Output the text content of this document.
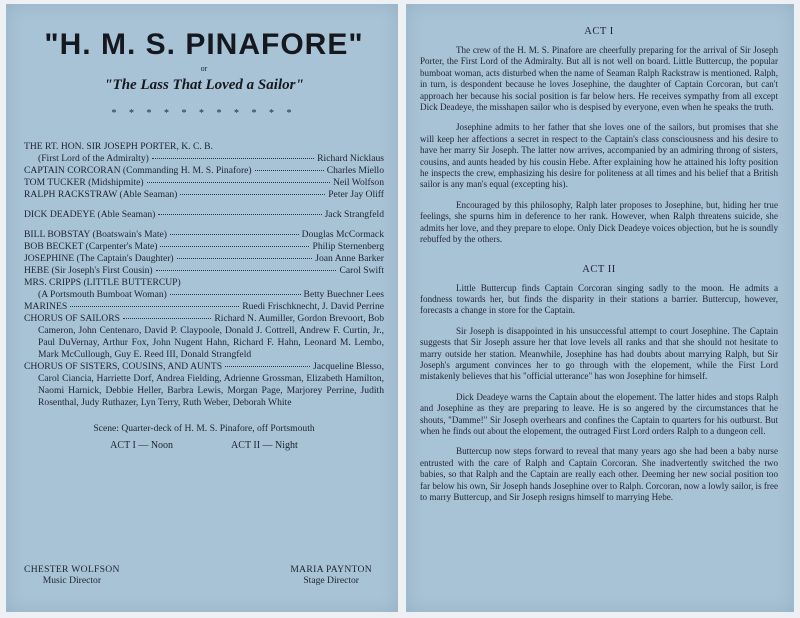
"H. M. S. PINAFORE"
or
"The Lass That Loved a Sailor"
* * * * * * * * * * *
THE RT. HON. SIR JOSEPH PORTER, K. C. B.
(First Lord of the Admiralty)	Richard Nicklaus
CAPTAIN CORCORAN (Commanding H. M. S. Pinafore)	Charles Miello
TOM TUCKER (Midshipmite)	Neil Wolfson
RALPH RACKSTRAW (Able Seaman)	Peter Jay Oliff
DICK DEADEYE (Able Seaman)	Jack Strangfeld
BILL BOBSTAY (Boatswain's Mate)	Douglas McCormack
BOB BECKET (Carpenter's Mate)	Philip Sternenberg
JOSEPHINE (The Captain's Daughter)	Joan Anne Barker
HEBE (Sir Joseph's First Cousin)	Carol Swift
MRS. CRIPPS (LITTLE BUTTERCUP)
(A Portsmouth Bumboat Woman)	Betty Buechner Lees
MARINES	Ruedi Frischknecht, J. David Perrine
CHORUS OF SAILORS	Richard N. Aumiller, Gordon Brevoort, Bob
Cameron, John Centenaro, David P. Claypoole, Donald J. Cottrell, Andrew F. Curtin, Jr., Paul DuVernay, Arthur Fox, John Nugent Hahn, Richard F. Hahn, Leonard M. Lembo, Mark McCullough, Guy E. Reed III, Donald Strangfeld
CHORUS OF SISTERS, COUSINS, AND AUNTS	Jacqueline Blesso,
Carol Ciancia, Harriette Dorf, Andrea Fielding, Adrienne Grossman, Elizabeth Hamilton, Naomi Harnick, Debbie Heller, Barbra Lewis, Morgan Page, Marjorey Perrine, Judith Rosenthal, Judy Ruthazer, Lyn Terry, Ruth Weber, Deborah White
Scene: Quarter-deck of H. M. S. Pinafore, off Portsmouth
ACT I — Noon	ACT II — Night
CHESTER WOLFSON
Music Director
MARIA PAYNTON
Stage Director
ACT I

The crew of the H. M. S. Pinafore are cheerfully preparing for the arrival of Sir Joseph Porter, the First Lord of the Admiralty. But all is not well on board. Little Buttercup, the popular bumboat woman, acts disturbed when the name of Seaman Ralph Rackstraw is mentioned. Ralph, in turn, is despondent because he loves Josephine, the daughter of Captain Corcoran, but can't approach her because his social position is far below hers. He receives sympathy from all except Dick Deadeye, the misshapen sailor who is despised by everyone, even when he speaks the truth.

Josephine admits to her father that she loves one of the sailors, but promises that she will keep her affections a secret in respect to the Captain's class consciousness and his desire to have her marry Sir Joseph. The latter now arrives, accompanied by an admiring throng of sisters, cousins, and aunts headed by his cousin Hebe. After explaining how he attained his lofty position he inspects the crew, emphasizing his desire for politeness at all times and his belief that a British sailor is any man's equal (excepting his).

Encouraged by this philosophy, Ralph later proposes to Josephine, but, hiding her true feelings, she spurns him in deference to her rank. However, when Ralph threatens suicide, she admits her love, and they prepare to elope. Only Dick Deadeye voices objection, but he is soundly rebuffed by the others.

ACT II

Little Buttercup finds Captain Corcoran singing sadly to the moon. He admits a fondness towards her, but finds the disparity in their stations a barrier. Buttercup, however, forecasts a change in store for the Captain.

Sir Joseph is disappointed in his unsuccessful attempt to court Josephine. The Captain suggests that Sir Joseph assure her that love levels all ranks and that she should not hesitate to marry outside her station. Meanwhile, Josephine has had doubts about marrying Ralph, but Sir Joseph's argument convinces her to go through with the elopement, while the First Lord mistakenly believes that his "official utterance" has won Josephine for himself.

Dick Deadeye warns the Captain about the elopement. The latter hides and stops Ralph and Josephine as they are preparing to leave. He is so angered by the circumstances that he shouts, "Damme!" Sir Joseph overhears and confines the Captain to quarters for his outburst. But when he finds out about the elopement, the outraged First Lord orders Ralph to a dungeon cell.

Buttercup now steps forward to reveal that many years ago she had been a baby nurse entrusted with the care of Ralph and Captain Corcoran. She inadvertently switched the two babies, so that Ralph and the Captain are really each other. Deeming her new social position too far below his own, Sir Joseph hands Josephine over to Ralph. Corcoran, now a lowly sailor, is free to marry Buttercup, and Sir Joseph resigns himself to marrying Hebe.
